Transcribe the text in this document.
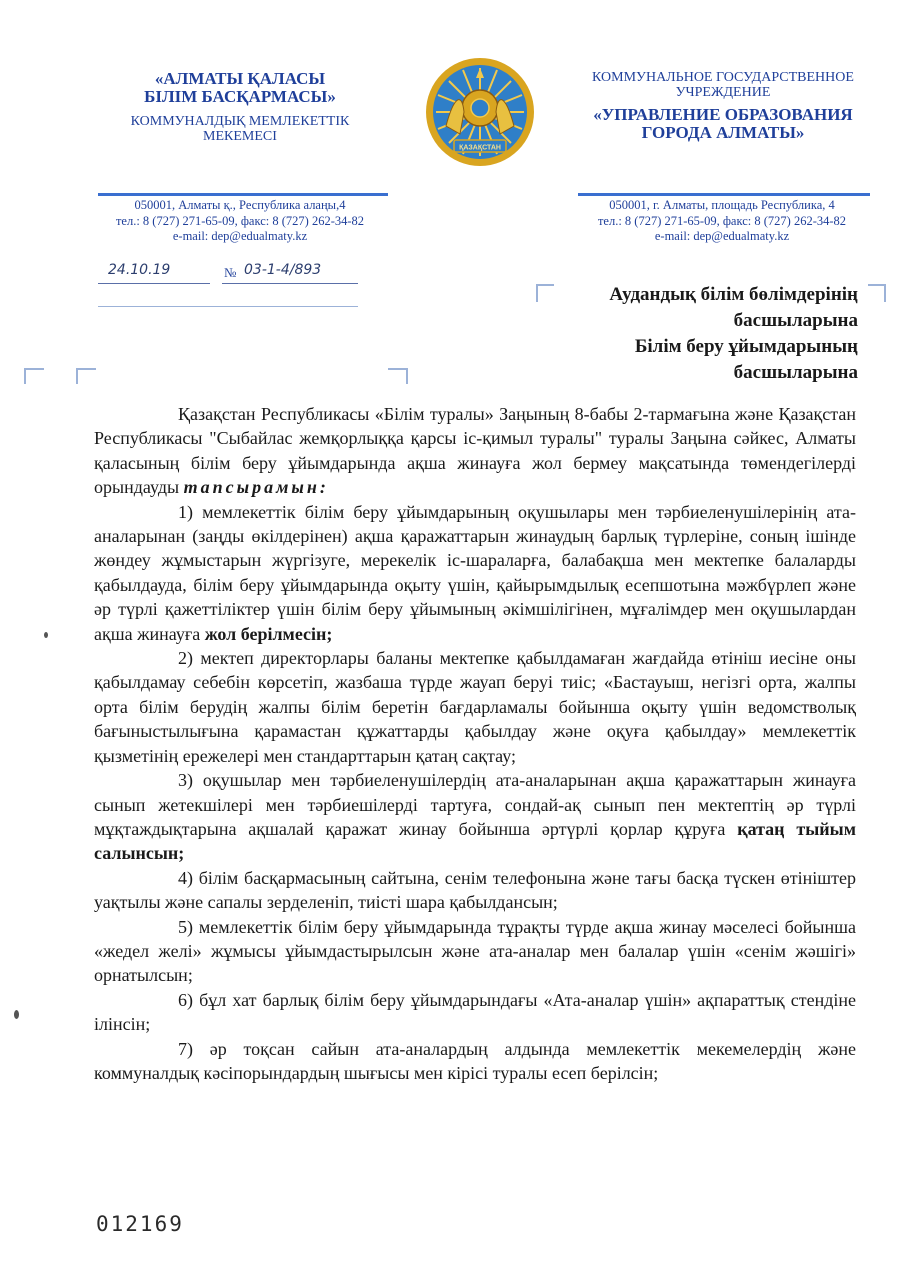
«АЛМАТЫ ҚАЛАСЫ
БІЛІМ БАСҚАРМАСЫ»
КОММУНАЛДЫҚ МЕМЛЕКЕТТІК
МЕКЕМЕСІ
ҚАЗАҚСТАН
КОММУНАЛЬНОЕ ГОСУДАРСТВЕННОЕ
УЧРЕЖДЕНИЕ
«УПРАВЛЕНИЕ ОБРАЗОВАНИЯ
ГОРОДА АЛМАТЫ»
050001, Алматы қ., Республика алаңы,4
тел.: 8 (727) 271-65-09, факс: 8 (727) 262-34-82
e-mail: dep@edualmaty.kz
050001, г. Алматы, площадь Республика, 4
тел.: 8 (727) 271-65-09, факс: 8 (727) 262-34-82
e-mail: dep@edualmaty.kz
24.10.19	№ 03-1-4/893
Аудандық білім бөлімдерінің
басшыларына
Білім беру ұйымдарының
басшыларына

Қазақстан Республикасы «Білім туралы» Заңының 8-бабы 2-тармағына және Қазақстан Республикасы "Сыбайлас жемқорлыққа қарсы іс-қимыл туралы" туралы Заңына сәйкес, Алматы қаласының білім беру ұйымдарында ақша жинауға жол бермеу мақсатында төмендегілерді орындауды тапсырамын:

1) мемлекеттік білім беру ұйымдарының оқушылары мен тәрбиеленушілерінің ата-аналарынан (заңды өкілдерінен) ақша қаражаттарын жинаудың барлық түрлеріне, соның ішінде жөндеу жұмыстарын жүргізуге, мерекелік іс-шараларға, балабақша мен мектепке балаларды қабылдауда, білім беру ұйымдарында оқыту үшін, қайырымдылық есепшотына мәжбүрлеп және әр түрлі қажеттіліктер үшін білім беру ұйымының әкімшілігінен, мұғалімдер мен оқушылардан ақша жинауға жол берілмесін;

2) мектеп директорлары баланы мектепке қабылдамаған жағдайда өтініш иесіне оны қабылдамау себебін көрсетіп, жазбаша түрде жауап беруі тиіс; «Бастауыш, негізгі орта, жалпы орта білім берудің жалпы білім беретін бағдарламалы бойынша оқыту үшін ведомстволық бағыныстылығына қарамастан құжаттарды қабылдау және оқуға қабылдау» мемлекеттік қызметінің ережелері мен стандарттарын қатаң сақтау;

3) оқушылар мен тәрбиеленушілердің ата-аналарынан ақша қаражаттарын жинауға сынып жетекшілері мен тәрбиешілерді тартуға, сондай-ақ сынып пен мектептің әр түрлі мұқтаждықтарына ақшалай қаражат жинау бойынша әртүрлі қорлар құруға қатаң тыйым салынсын;

4) білім басқармасының сайтына, сенім телефонына және тағы басқа түскен өтініштер уақтылы және сапалы зерделеніп, тиісті шара қабылдансын;

5) мемлекеттік білім беру ұйымдарында тұрақты түрде ақша жинау мәселесі бойынша «жедел желі» жұмысы ұйымдастырылсын және ата-аналар мен балалар үшін «сенім жәшігі» орнатылсын;

6) бұл хат барлық білім беру ұйымдарындағы «Ата-аналар үшін» ақпараттық стендіне ілінсін;

7) әр тоқсан сайын ата-аналардың алдында мемлекеттік мекемелердің және коммуналдық кәсіпорындардың шығысы мен кірісі туралы есеп берілсін;

012169
